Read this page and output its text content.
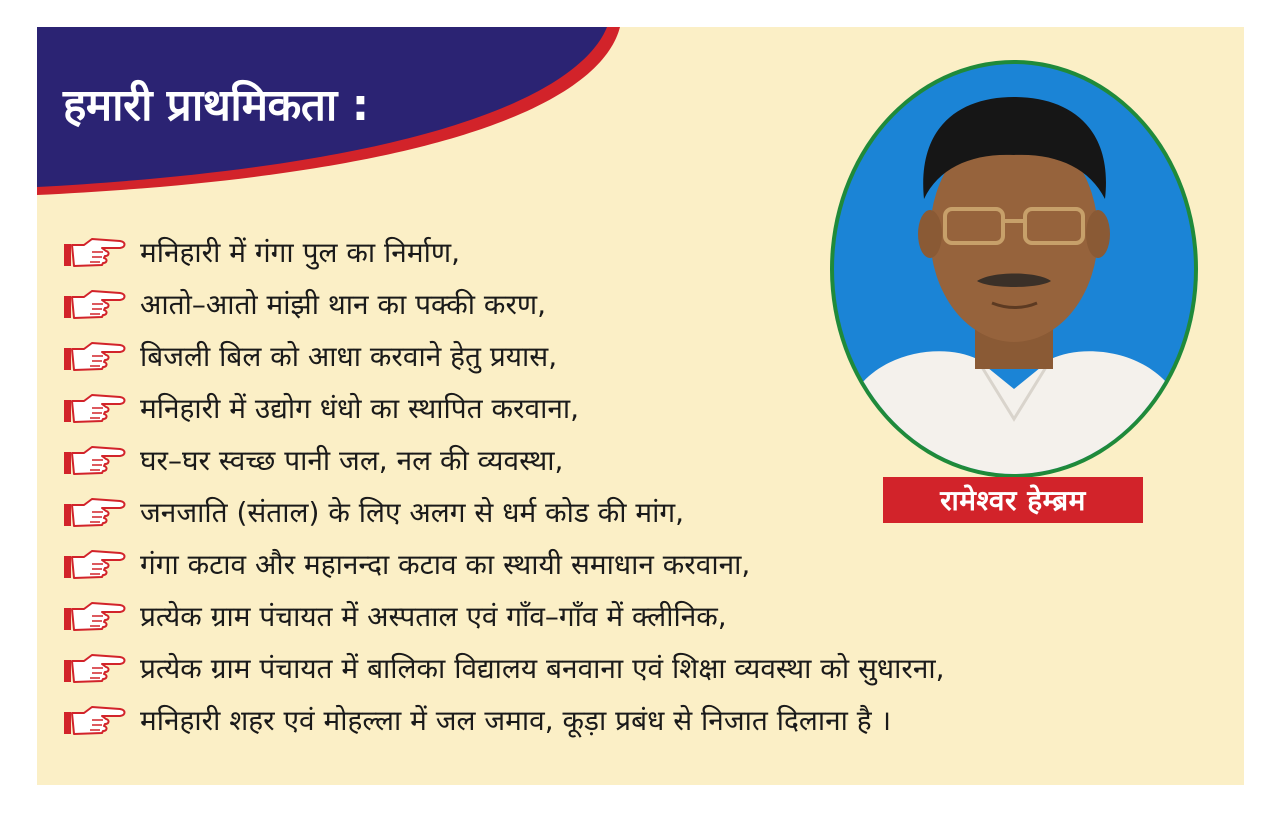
हमारी प्राथमिकता :
मनिहारी में गंगा पुल का निर्माण,
आतो–आतो मांझी थान का पक्की करण,
बिजली बिल को आधा करवाने हेतु प्रयास,
मनिहारी में उद्योग धंधो का स्थापित करवाना,
घर–घर स्वच्छ पानी जल, नल की व्यवस्था,
जनजाति (संताल) के लिए अलग से धर्म कोड की मांग,
गंगा कटाव और महानन्दा कटाव का स्थायी समाधान करवाना,
प्रत्येक ग्राम पंचायत में अस्पताल एवं गाँव–गाँव में क्लीनिक,
प्रत्येक ग्राम पंचायत में बालिका विद्यालय बनवाना एवं शिक्षा व्यवस्था को सुधारना,
मनिहारी शहर एवं मोहल्ला में जल जमाव, कूड़ा प्रबंध से निजात दिलाना है ।
रामेश्वर हेम्ब्रम
